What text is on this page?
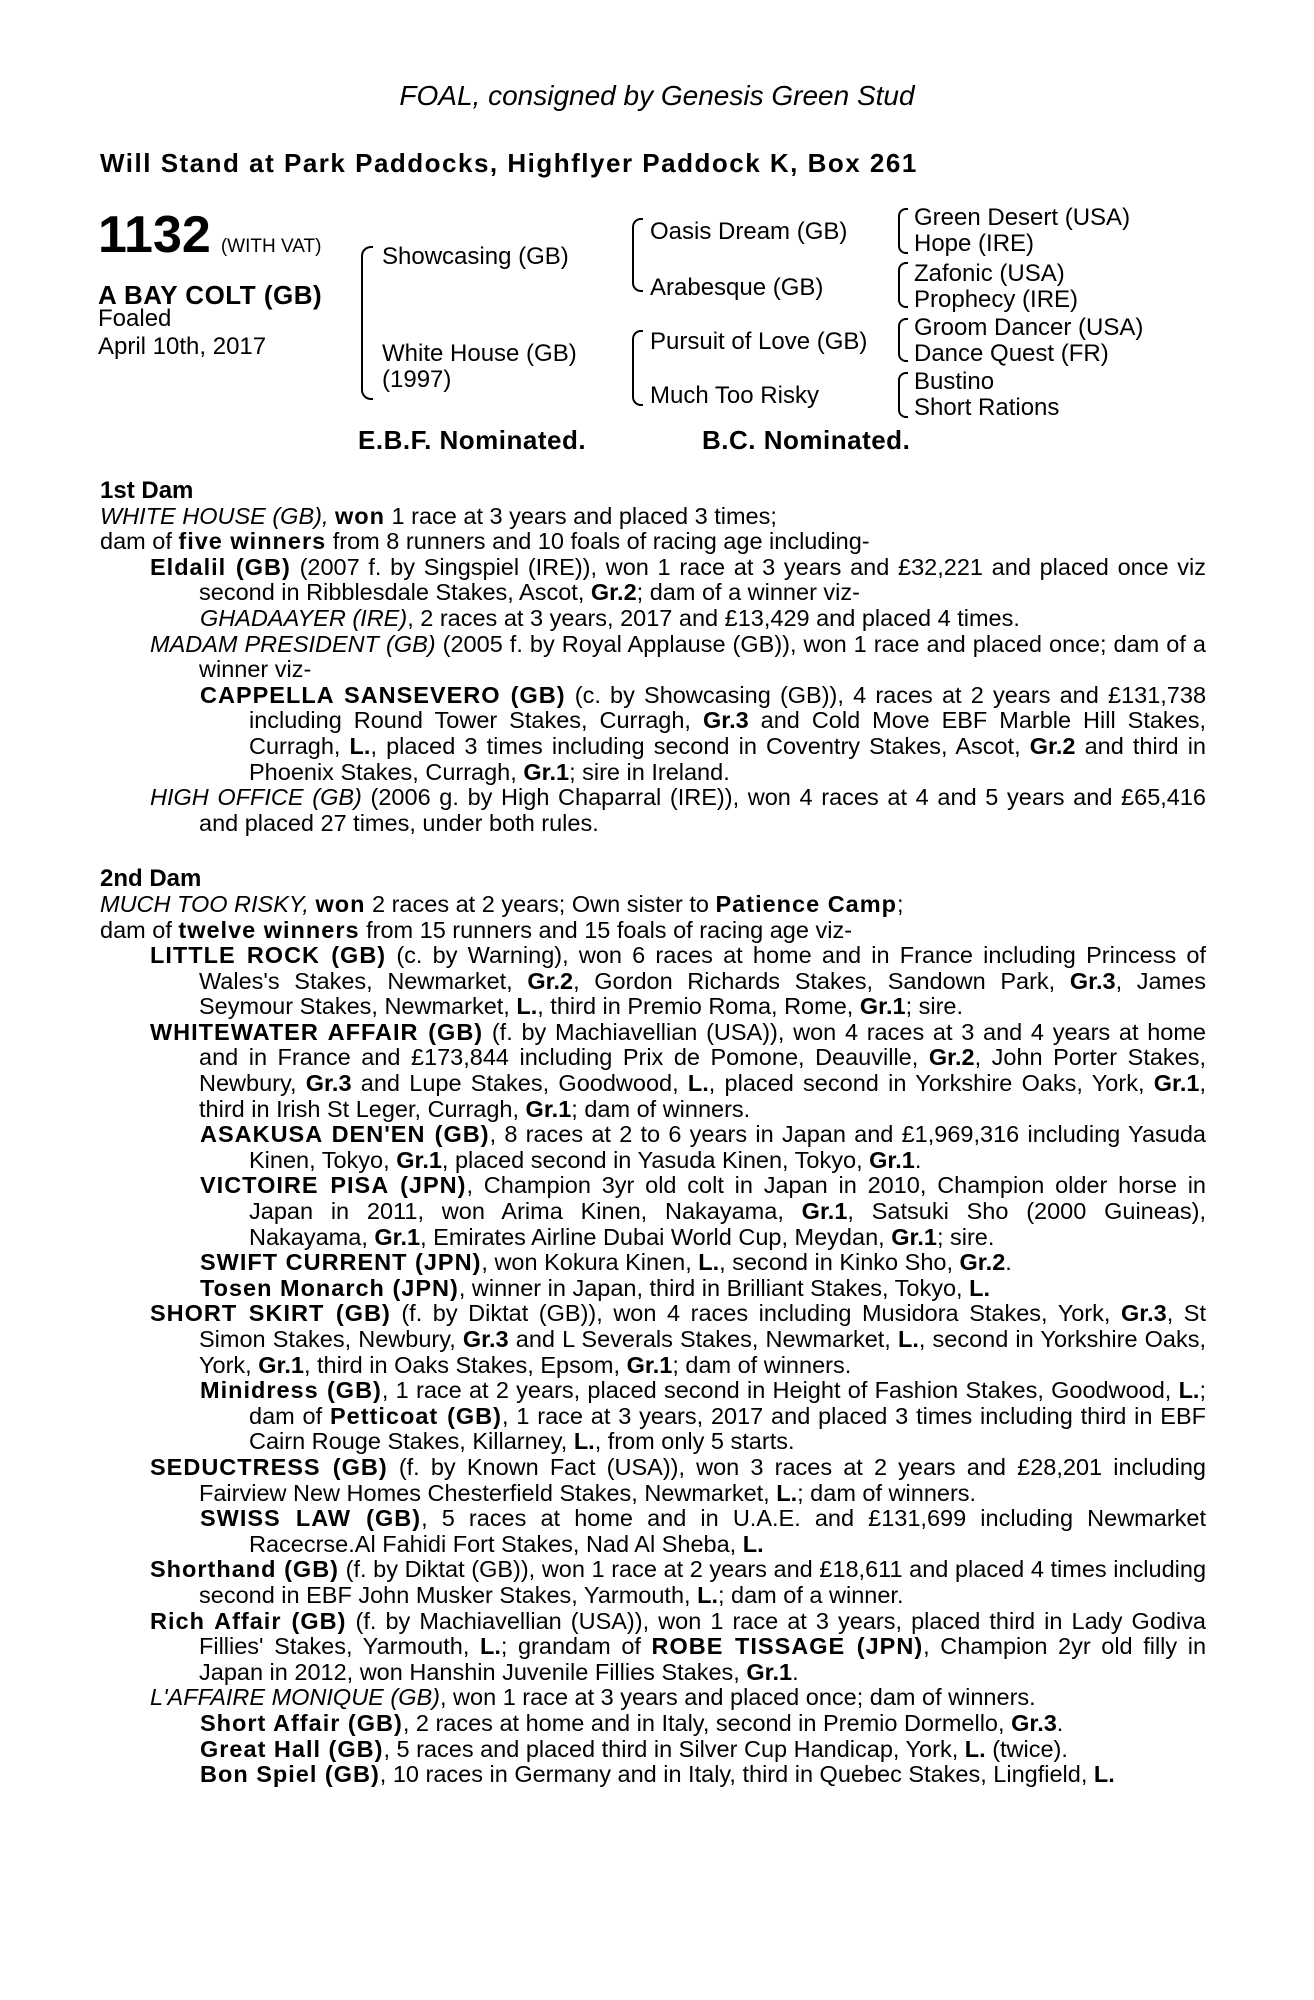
FOAL, consigned by Genesis Green Stud
Will Stand at Park Paddocks, Highflyer Paddock K, Box 261
1132 (WITH VAT)
A BAY COLT (GB)
Foaled
April 10th, 2017
Showcasing (GB)
White House (GB)
(1997)
Oasis Dream (GB)
Arabesque (GB)
Pursuit of Love (GB)
Much Too Risky
Green Desert (USA)
Hope (IRE)
Zafonic (USA)
Prophecy (IRE)
Groom Dancer (USA)
Dance Quest (FR)
Bustino
Short Rations
E.B.F. Nominated.	B.C. Nominated.
1st Dam
WHITE HOUSE (GB), won 1 race at 3 years and placed 3 times;
dam of five winners from 8 runners and 10 foals of racing age including-
Eldalil (GB) (2007 f. by Singspiel (IRE)), won 1 race at 3 years and £32,221 and placed once viz second in Ribblesdale Stakes, Ascot, Gr.2; dam of a winner viz-
GHADAAYER (IRE), 2 races at 3 years, 2017 and £13,429 and placed 4 times.
MADAM PRESIDENT (GB) (2005 f. by Royal Applause (GB)), won 1 race and placed once; dam of a winner viz-
CAPPELLA SANSEVERO (GB) (c. by Showcasing (GB)), 4 races at 2 years and £131,738 including Round Tower Stakes, Curragh, Gr.3 and Cold Move EBF Marble Hill Stakes, Curragh, L., placed 3 times including second in Coventry Stakes, Ascot, Gr.2 and third in Phoenix Stakes, Curragh, Gr.1; sire in Ireland.
HIGH OFFICE (GB) (2006 g. by High Chaparral (IRE)), won 4 races at 4 and 5 years and £65,416 and placed 27 times, under both rules.
2nd Dam
MUCH TOO RISKY, won 2 races at 2 years; Own sister to Patience Camp;
dam of twelve winners from 15 runners and 15 foals of racing age viz-
LITTLE ROCK (GB) (c. by Warning), won 6 races at home and in France including Princess of Wales's Stakes, Newmarket, Gr.2, Gordon Richards Stakes, Sandown Park, Gr.3, James Seymour Stakes, Newmarket, L., third in Premio Roma, Rome, Gr.1; sire.
WHITEWATER AFFAIR (GB) (f. by Machiavellian (USA)), won 4 races at 3 and 4 years at home and in France and £173,844 including Prix de Pomone, Deauville, Gr.2, John Porter Stakes, Newbury, Gr.3 and Lupe Stakes, Goodwood, L., placed second in Yorkshire Oaks, York, Gr.1, third in Irish St Leger, Curragh, Gr.1; dam of winners.
ASAKUSA DEN'EN (GB), 8 races at 2 to 6 years in Japan and £1,969,316 including Yasuda Kinen, Tokyo, Gr.1, placed second in Yasuda Kinen, Tokyo, Gr.1.
VICTOIRE PISA (JPN), Champion 3yr old colt in Japan in 2010, Champion older horse in Japan in 2011, won Arima Kinen, Nakayama, Gr.1, Satsuki Sho (2000 Guineas), Nakayama, Gr.1, Emirates Airline Dubai World Cup, Meydan, Gr.1; sire.
SWIFT CURRENT (JPN), won Kokura Kinen, L., second in Kinko Sho, Gr.2.
Tosen Monarch (JPN), winner in Japan, third in Brilliant Stakes, Tokyo, L.
SHORT SKIRT (GB) (f. by Diktat (GB)), won 4 races including Musidora Stakes, York, Gr.3, St Simon Stakes, Newbury, Gr.3 and L Severals Stakes, Newmarket, L., second in Yorkshire Oaks, York, Gr.1, third in Oaks Stakes, Epsom, Gr.1; dam of winners.
Minidress (GB), 1 race at 2 years, placed second in Height of Fashion Stakes, Goodwood, L.; dam of Petticoat (GB), 1 race at 3 years, 2017 and placed 3 times including third in EBF Cairn Rouge Stakes, Killarney, L., from only 5 starts.
SEDUCTRESS (GB) (f. by Known Fact (USA)), won 3 races at 2 years and £28,201 including Fairview New Homes Chesterfield Stakes, Newmarket, L.; dam of winners.
SWISS LAW (GB), 5 races at home and in U.A.E. and £131,699 including Newmarket Racecrse.Al Fahidi Fort Stakes, Nad Al Sheba, L.
Shorthand (GB) (f. by Diktat (GB)), won 1 race at 2 years and £18,611 and placed 4 times including second in EBF John Musker Stakes, Yarmouth, L.; dam of a winner.
Rich Affair (GB) (f. by Machiavellian (USA)), won 1 race at 3 years, placed third in Lady Godiva Fillies' Stakes, Yarmouth, L.; grandam of ROBE TISSAGE (JPN), Champion 2yr old filly in Japan in 2012, won Hanshin Juvenile Fillies Stakes, Gr.1.
L'AFFAIRE MONIQUE (GB), won 1 race at 3 years and placed once; dam of winners.
Short Affair (GB), 2 races at home and in Italy, second in Premio Dormello, Gr.3.
Great Hall (GB), 5 races and placed third in Silver Cup Handicap, York, L. (twice).
Bon Spiel (GB), 10 races in Germany and in Italy, third in Quebec Stakes, Lingfield, L.
